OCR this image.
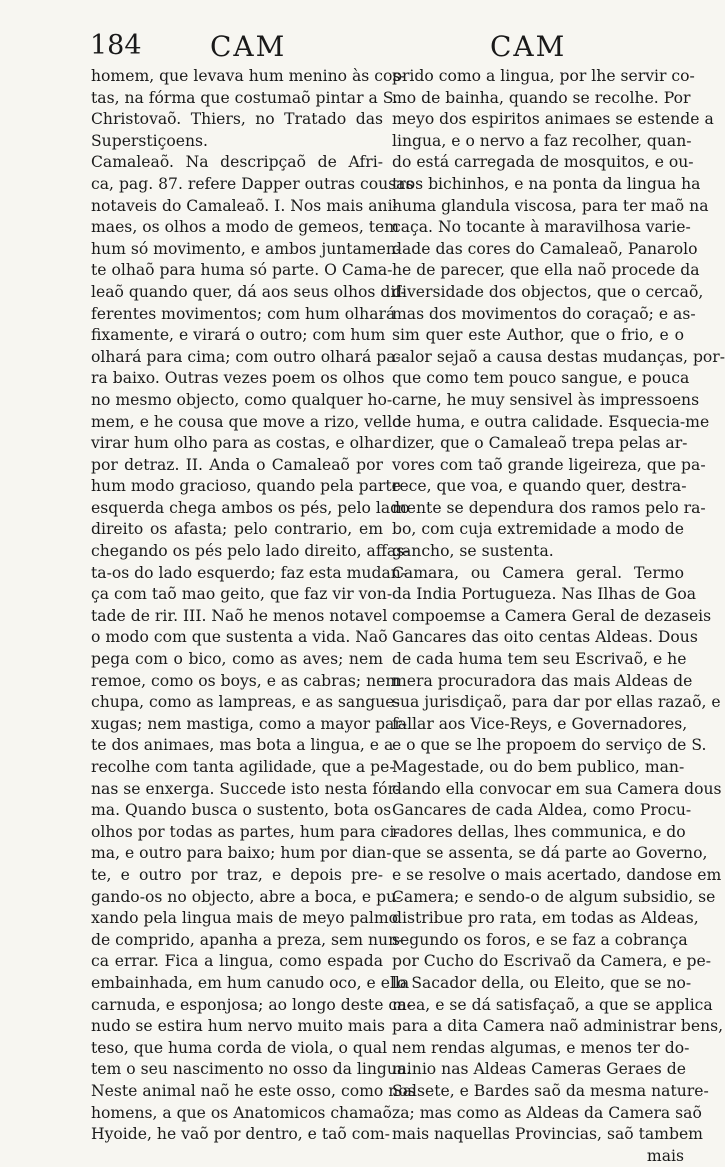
184 CAM	CAM
homem, que levava hum menino às cos-
tas, na fórma que costumaõ pintar a S.
Christovaõ. Thiers, no Tratado das
Superstiçoens.
Camaleaõ. Na descripçaõ de Afri-
ca, pag. 87. refere Dapper outras cousas
notaveis do Camaleaõ. I. Nos mais ani-
maes, os olhos a modo de gemeos, tem
hum só movimento, e ambos juntamen-
te olhaõ para huma só parte. O Cama-
leaõ quando quer, dá aos seus olhos dif-
ferentes movimentos; com hum olhará
fixamente, e virará o outro; com hum
olhará para cima; com outro olhará pa-
ra baixo. Outras vezes poem os olhos
no mesmo objecto, como qualquer ho-
mem, e he cousa que move a rizo, vello
virar hum olho para as costas, e olhar
por detraz. II. Anda o Camaleaõ por
hum modo gracioso, quando pela parte
esquerda chega ambos os pés, pelo lado
direito os afasta; pelo contrario, em
chegando os pés pelo lado direito, affas-
ta-os do lado esquerdo; faz esta mudan-
ça com taõ mao geito, que faz vir von-
tade de rir. III. Naõ he menos notavel
o modo com que sustenta a vida. Naõ
pega com o bico, como as aves; nem
remoe, como os boys, e as cabras; nem
chupa, como as lampreas, e as sangue-
xugas; nem mastiga, como a mayor par-
te dos animaes, mas bota a lingua, e a
recolhe com tanta agilidade, que a pe-
nas se enxerga. Succede isto nesta fór-
ma. Quando busca o sustento, bota os
olhos por todas as partes, hum para ci-
ma, e outro para baixo; hum por dian-
te, e outro por traz, e depois pre-
gando-os no objecto, abre a boca, e pu-
xando pela lingua mais de meyo palmo
de comprido, apanha a preza, sem nun-
ca errar. Fica a lingua, como espada
embainhada, em hum canudo oco, e ella
carnuda, e esponjosa; ao longo deste ca-
nudo se estira hum nervo muito mais
teso, que huma corda de viola, o qual
tem o seu nascimento no osso da lingua.
Neste animal naõ he este osso, como nos
homens, a que os Anatomicos chamaõ
Hyoide, he vaõ por dentro, e taõ com-
prido como a lingua, por lhe servir co-
mo de bainha, quando se recolhe. Por
meyo dos espiritos animaes se estende a
lingua, e o nervo a faz recolher, quan-
do está carregada de mosquitos, e ou-
tros bichinhos, e na ponta da lingua ha
huma glandula viscosa, para ter maõ na
caça. No tocante à maravilhosa varie-
dade das cores do Camaleaõ, Panarolo
he de parecer, que ella naõ procede da
diversidade dos objectos, que o cercaõ,
mas dos movimentos do coraçaõ; e as-
sim quer este Author, que o frio, e o
calor sejaõ a causa destas mudanças, por-
que como tem pouco sangue, e pouca
carne, he muy sensivel às impressoens
de huma, e outra calidade. Esquecia-me
dizer, que o Camaleaõ trepa pelas ar-
vores com taõ grande ligeireza, que pa-
rece, que voa, e quando quer, destra-
mente se dependura dos ramos pelo ra-
bo, com cuja extremidade a modo de
gancho, se sustenta.
Camara, ou Camera geral. Termo
da India Portugueza. Nas Ilhas de Goa
compoemse a Camera Geral de dezaseis
Gancares das oito centas Aldeas. Dous
de cada huma tem seu Escrivaõ, e he
mera procuradora das mais Aldeas de
sua jurisdiçaõ, para dar por ellas razaõ, e
fallar aos Vice-Reys, e Governadores,
e o que se lhe propoem do serviço de S.
Magestade, ou do bem publico, man-
dando ella convocar em sua Camera dous
Gancares de cada Aldea, como Procu-
radores dellas, lhes communica, e do
que se assenta, se dá parte ao Governo,
e se resolve o mais acertado, dandose em
Camera; e sendo-o de algum subsidio, se
distribue pro rata, em todas as Aldeas,
segundo os foros, e se faz a cobrança
por Cucho do Escrivaõ da Camera, e pe-
lo Sacador della, ou Eleito, que se no-
mea, e se dá satisfaçaõ, a que se applica
para a dita Camera naõ administrar bens,
nem rendas algumas, e menos ter do-
minio nas Aldeas Cameras Geraes de
Salsete, e Bardes saõ da mesma nature-
za; mas como as Aldeas da Camera saõ
mais naquellas Provincias, saõ tambem
mais
